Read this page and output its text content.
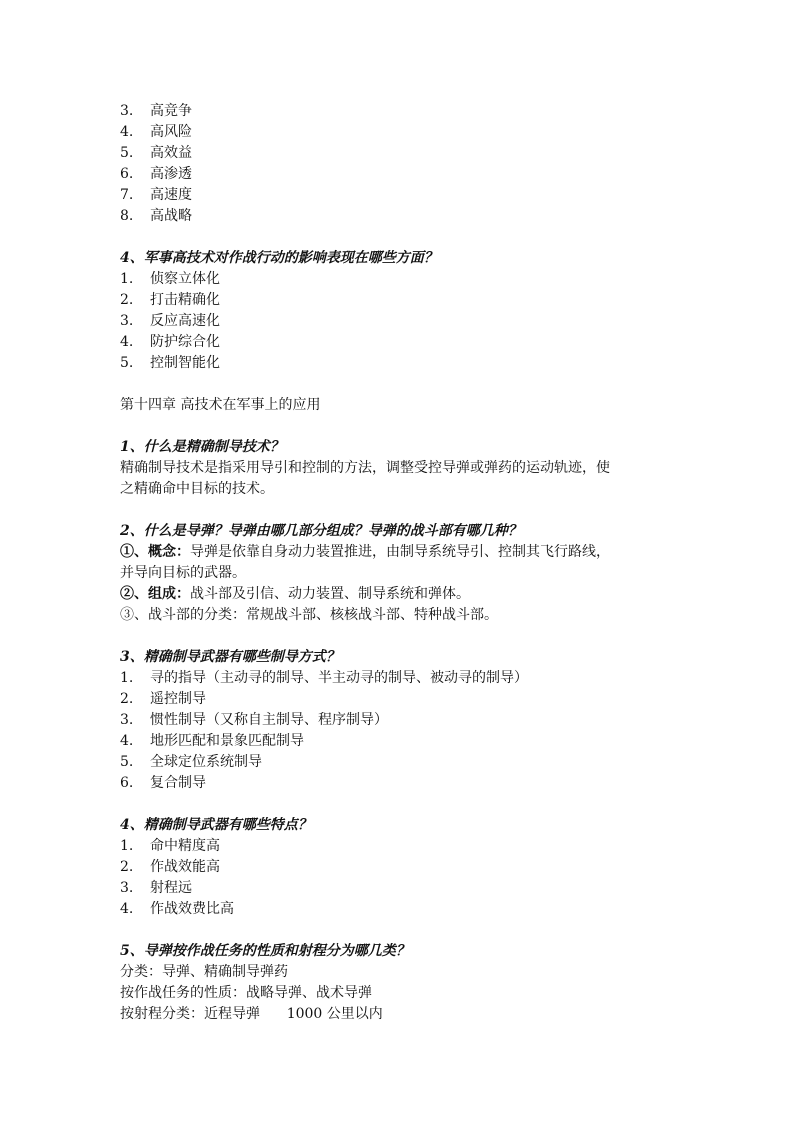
3. 高竞争
4. 高风险
5. 高效益
6. 高渗透
7. 高速度
8. 高战略
4、军事高技术对作战行动的影响表现在哪些方面？
1. 侦察立体化
2. 打击精确化
3. 反应高速化
4. 防护综合化
5. 控制智能化
第十四章 高技术在军事上的应用
1、什么是精确制导技术？
精确制导技术是指采用导引和控制的方法，调整受控导弹或弹药的运动轨迹，使
之精确命中目标的技术。
2、什么是导弹？导弹由哪几部分组成？导弹的战斗部有哪几种？
①、概念：导弹是依靠自身动力装置推进，由制导系统导引、控制其飞行路线，
并导向目标的武器。
②、组成：战斗部及引信、动力装置、制导系统和弹体。
③、战斗部的分类：常规战斗部、核核战斗部、特种战斗部。
3、精确制导武器有哪些制导方式？
1. 寻的指导（主动寻的制导、半主动寻的制导、被动寻的制导）
2. 遥控制导
3. 惯性制导（又称自主制导、程序制导）
4. 地形匹配和景象匹配制导
5. 全球定位系统制导
6. 复合制导
4、精确制导武器有哪些特点？
1. 命中精度高
2. 作战效能高
3. 射程远
4. 作战效费比高
5、导弹按作战任务的性质和射程分为哪几类？
分类：导弹、精确制导弹药
按作战任务的性质：战略导弹、战术导弹
按射程分类：近程导弹      1000 公里以内
